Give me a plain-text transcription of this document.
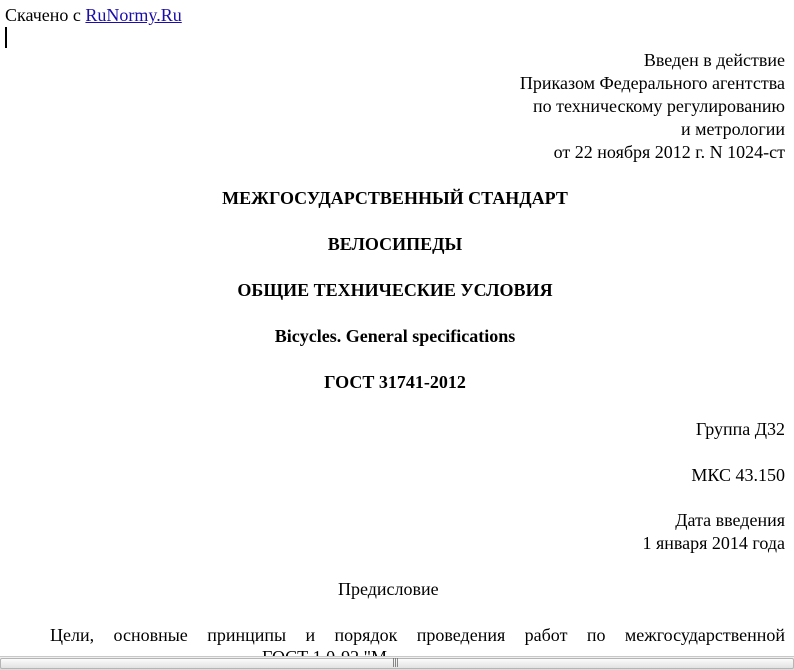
Скачено с RuNormy.Ru
Введен в действие
Приказом Федерального агентства
по техническому регулированию
и метрологии
от 22 ноября 2012 г. N 1024-ст
МЕЖГОСУДАРСТВЕННЫЙ СТАНДАРТ
ВЕЛОСИПЕДЫ
ОБЩИЕ ТЕХНИЧЕСКИЕ УСЛОВИЯ
Bicycles. General specifications
ГОСТ 31741-2012
Группа Д32
МКС 43.150
Дата введения
1 января 2014 года
Предисловие
Цели, основные принципы и порядок проведения работ по межгосударственной
|||
